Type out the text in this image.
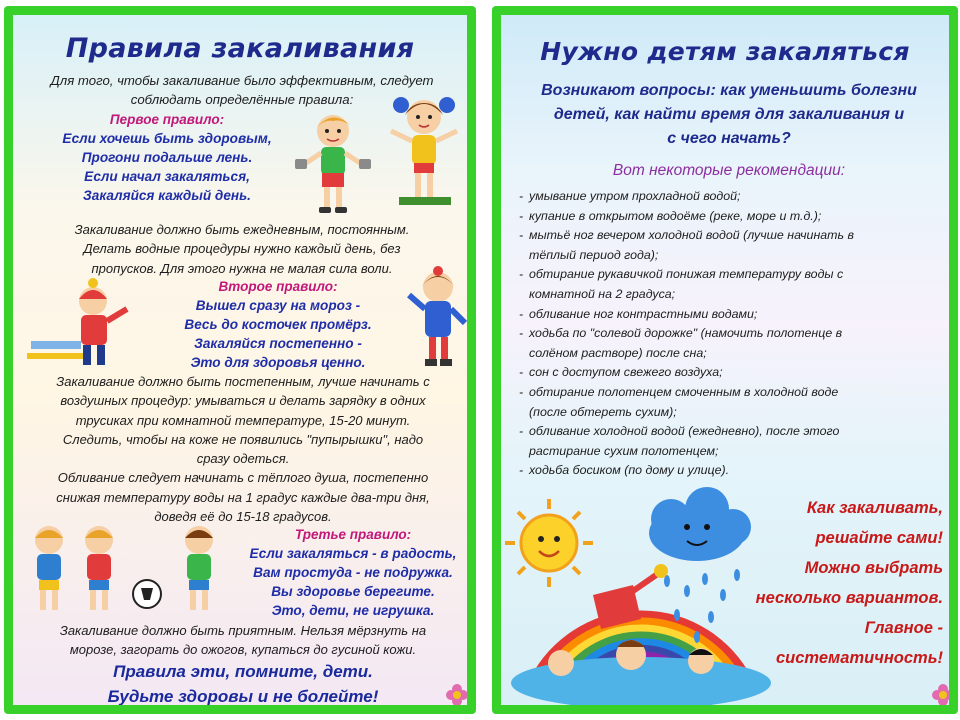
Правила закаливания
Для того, чтобы закаливание было эффективным, следует
соблюдать определённые правила:
Первое правило:
Если хочешь быть здоровым,
Прогони подальше лень.
Если начал закаляться,
Закаляйся каждый день.
Закаливание должно быть ежедневным, постоянным.
Делать водные процедуры нужно каждый день, без
пропусков. Для этого нужна не малая сила воли.
Второе правило:
Вышел сразу на мороз -
Весь до косточек промёрз.
Закаляйся постепенно -
Это для здоровья ценно.
Закаливание должно быть постепенным, лучше начинать с
воздушных процедур: умываться и делать зарядку в одних
трусиках при комнатной температуре, 15-20 минут.
Следить, чтобы на коже не появились "пупырышки", надо
сразу одеться.
Обливание следует начинать с тёплого душа, постепенно
снижая температуру воды на 1 градус каждые два-три дня,
доведя её до 15-18 градусов.
Третье правило:
Если закаляться - в радость,
Вам простуда - не подружка.
Вы здоровье берегите.
Это, дети, не игрушка.
Закаливание должно быть приятным. Нельзя мёрзнуть на
морозе, загорать до ожогов, купаться до гусиной кожи.
Правила эти, помните, дети.
Будьте здоровы и не болейте!
Нужно детям закаляться
Возникают вопросы: как уменьшить болезни
детей, как найти время для закаливания и
с чего начать?
Вот некоторые рекомендации:
- умывание утром прохладной водой;
- купание в открытом водоёме (реке, море и т.д.);
- мытьё ног вечером холодной водой (лучше начинать в
тёплый период года);
- обтирание рукавичкой понижая температуру воды с
комнатной на 2 градуса;
- обливание ног контрастными водами;
- ходьба по "солевой дорожке" (намочить полотенце в
солёном растворе) после сна;
- сон с доступом свежего воздуха;
- обтирание полотенцем смоченным в холодной воде
(после обтереть сухим);
- обливание холодной водой (ежедневно), после этого
растирание сухим полотенцем;
- ходьба босиком (по дому и улице).
Как закаливать,
решайте сами!
Можно выбрать
несколько вариантов.
Главное -
систематичность!
